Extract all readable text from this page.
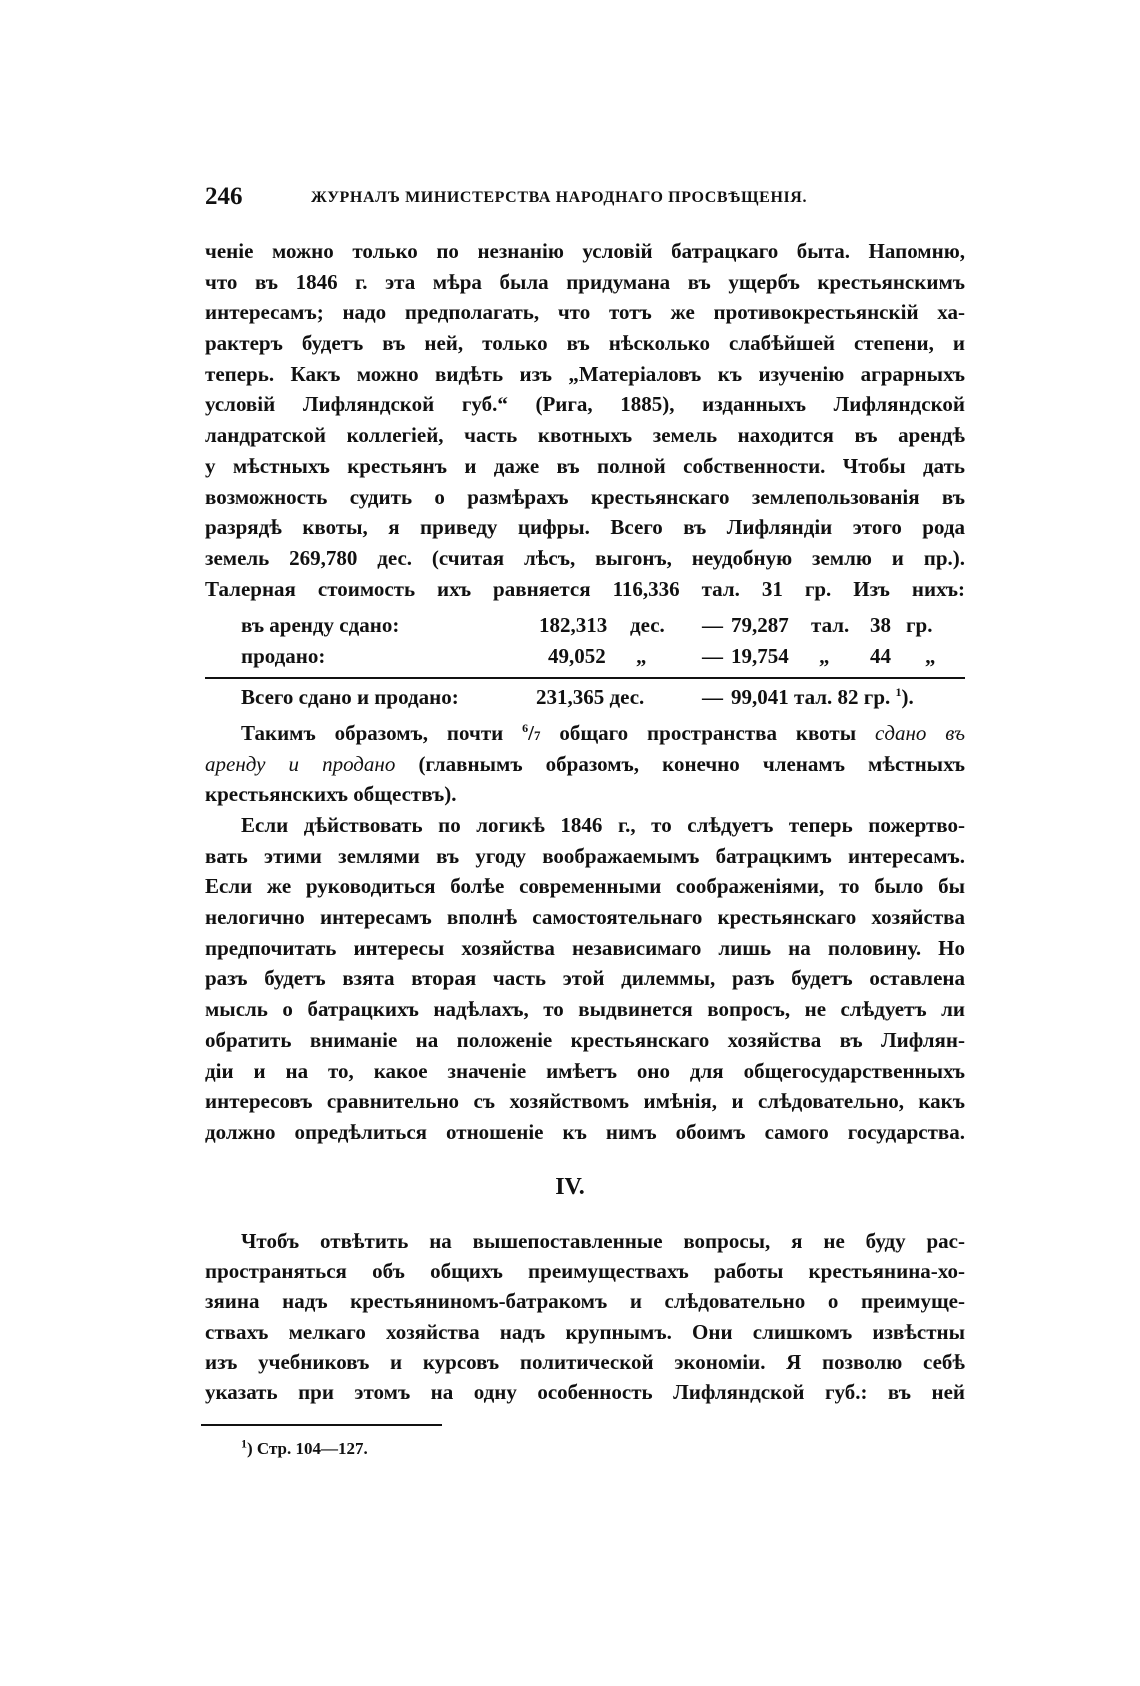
246	ЖУРНАЛЪ МИНИСТЕРСТВА НАРОДНАГО ПРОСВѢЩЕНІЯ.
ченіе можно только по незнанію условій батрацкаго быта. Напомню,
что въ 1846 г. эта мѣра была придумана въ ущербъ крестьянскимъ
интересамъ; надо предполагать, что тотъ же противокрестьянскій ха-
рактеръ будетъ въ ней, только въ нѣсколько слабѣйшей степени, и
теперь. Какъ можно видѣть изъ „Матеріаловъ къ изученію аграрныхъ
условій Лифляндской губ.“ (Рига, 1885), изданныхъ Лифляндской
ландратской коллегіей, часть квотныхъ земель находится въ арендѣ
у мѣстныхъ крестьянъ и даже въ полной собственности. Чтобы дать
возможность судить о размѣрахъ крестьянскаго землепользованія въ
разрядѣ квоты, я приведу цифры. Всего въ Лифляндіи этого рода
земель 269,780 дес. (считая лѣсъ, выгонъ, неудобную землю и пр.).
Талерная стоимость ихъ равняется 116,336 тал. 31 гр. Изъ нихъ:
въ аренду сдано:	182,313 дес. — 79,287 тал. 38 гр.
продано:	49,052 „	— 19,754 „ 44 „
Всего сдано и продано:	231,365 дес.	— 99,041 тал. 82 гр. $^1$).
Такимъ образомъ, почти $^6$/7 общаго пространства квоты сдано въ
аренду и продано (главнымъ образомъ, конечно членамъ мѣстныхъ
крестьянскихъ обществъ).
Если дѣйствовать по логикѣ 1846 г., то слѣдуетъ теперь пожертво-
вать этими землями въ угоду воображаемымъ батрацкимъ интересамъ.
Если же руководиться болѣе современными соображеніями, то было бы
нелогично интересамъ вполнѣ самостоятельнаго крестьянскаго хозяйства
предпочитать интересы хозяйства независимаго лишь на половину. Но
разъ будетъ взята вторая часть этой дилеммы, разъ будетъ оставлена
мысль о батрацкихъ надѣлахъ, то выдвинется вопросъ, не слѣдуетъ ли
обратить вниманіе на положеніе крестьянскаго хозяйства въ Лифлян-
діи и на то, какое значеніе имѣетъ оно для общегосударственныхъ
интересовъ сравнительно съ хозяйствомъ имѣнія, и слѣдовательно, какъ
должно опредѣлиться отношеніе къ нимъ обоимъ самого государства.
IV.
Чтобъ отвѣтить на вышепоставленные вопросы, я не буду рас-
пространяться объ общихъ преимуществахъ работы крестьянина-хо-
зяина надъ крестьяниномъ-батракомъ и слѣдовательно о преимуще-
ствахъ мелкаго хозяйства надъ крупнымъ. Они слишкомъ извѣстны
изъ учебниковъ и курсовъ политической экономіи. Я позволю себѣ
указать при этомъ на одну особенность Лифляндской губ.: въ ней
$^1$) Стр. 104—127.
